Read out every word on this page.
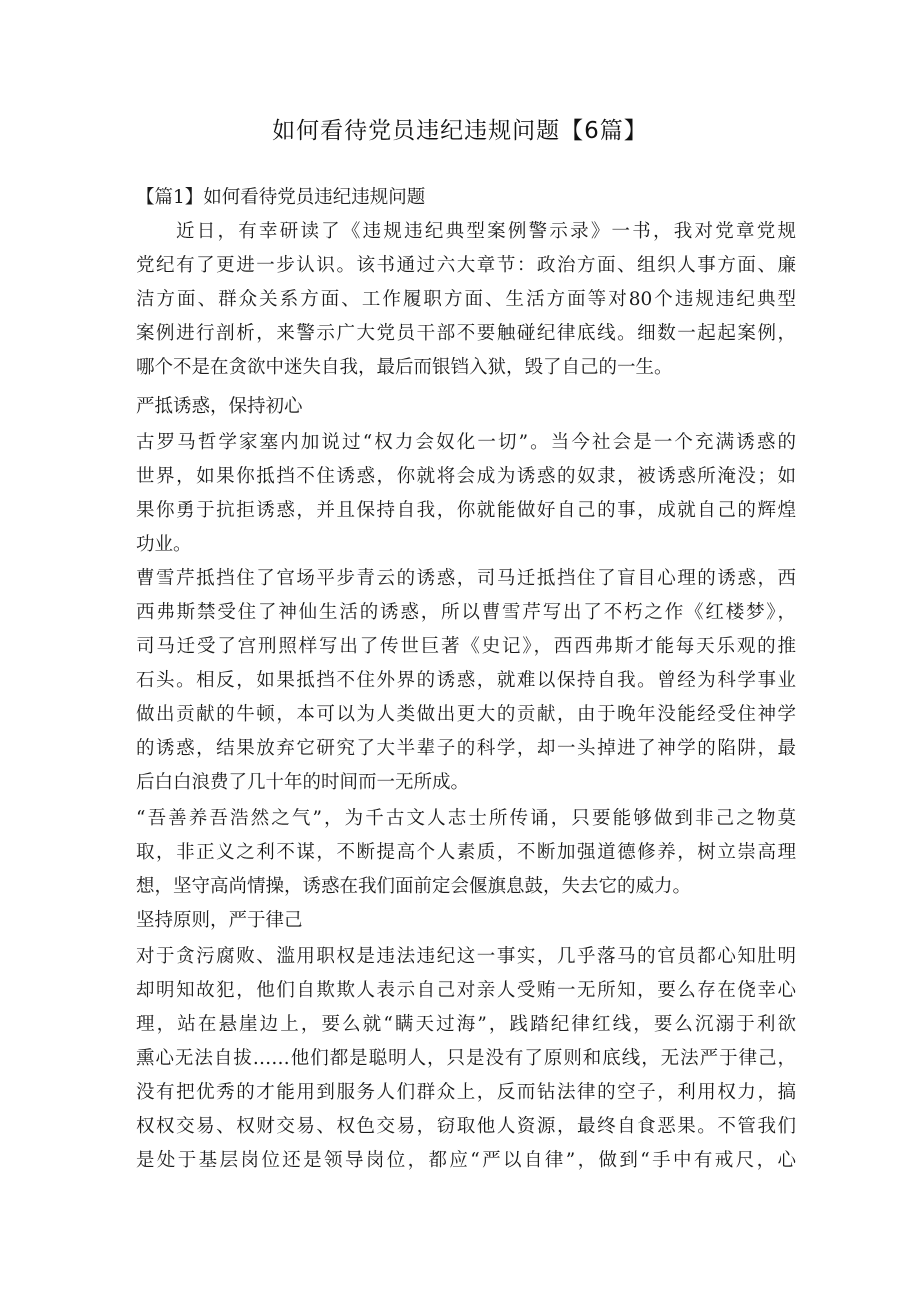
如何看待党员违纪违规问题【6篇】
【篇1】如何看待党员违纪违规问题
近日，有幸研读了《违规违纪典型案例警示录》一书，我对党章党规
党纪有了更进一步认识。该书通过六大章节：政治方面、组织人事方面、廉
洁方面、群众关系方面、工作履职方面、生活方面等对80个违规违纪典型
案例进行剖析，来警示广大党员干部不要触碰纪律底线。细数一起起案例，
哪个不是在贪欲中迷失自我，最后而银铛入狱，毁了自己的一生。
严抵诱惑，保持初心
古罗马哲学家塞内加说过“权力会奴化一切”。当今社会是一个充满诱惑的
世界，如果你抵挡不住诱惑，你就将会成为诱惑的奴隶，被诱惑所淹没；如
果你勇于抗拒诱惑，并且保持自我，你就能做好自己的事，成就自己的辉煌
功业。
曹雪芹抵挡住了官场平步青云的诱惑，司马迁抵挡住了盲目心理的诱惑，西
西弗斯禁受住了神仙生活的诱惑，所以曹雪芹写出了不朽之作《红楼梦》，
司马迁受了宫刑照样写出了传世巨著《史记》，西西弗斯才能每天乐观的推
石头。相反，如果抵挡不住外界的诱惑，就难以保持自我。曾经为科学事业
做出贡献的牛顿，本可以为人类做出更大的贡献，由于晚年没能经受住神学
的诱惑，结果放弃它研究了大半辈子的科学，却一头掉进了神学的陷阱，最
后白白浪费了几十年的时间而一无所成。
“吾善养吾浩然之气”，为千古文人志士所传诵，只要能够做到非己之物莫
取，非正义之利不谋，不断提高个人素质，不断加强道德修养，树立崇高理
想，坚守高尚情操，诱惑在我们面前定会偃旗息鼓，失去它的威力。
坚持原则，严于律己
对于贪污腐败、滥用职权是违法违纪这一事实，几乎落马的官员都心知肚明
却明知故犯，他们自欺欺人表示自己对亲人受贿一无所知，要么存在侥幸心
理，站在悬崖边上，要么就“瞒天过海”，践踏纪律红线，要么沉溺于利欲
熏心无法自拔……他们都是聪明人，只是没有了原则和底线，无法严于律己，
没有把优秀的才能用到服务人们群众上，反而钻法律的空子，利用权力，搞
权权交易、权财交易、权色交易，窃取他人资源，最终自食恶果。不管我们
是处于基层岗位还是领导岗位，都应“严以自律”，做到“手中有戒尺，心
